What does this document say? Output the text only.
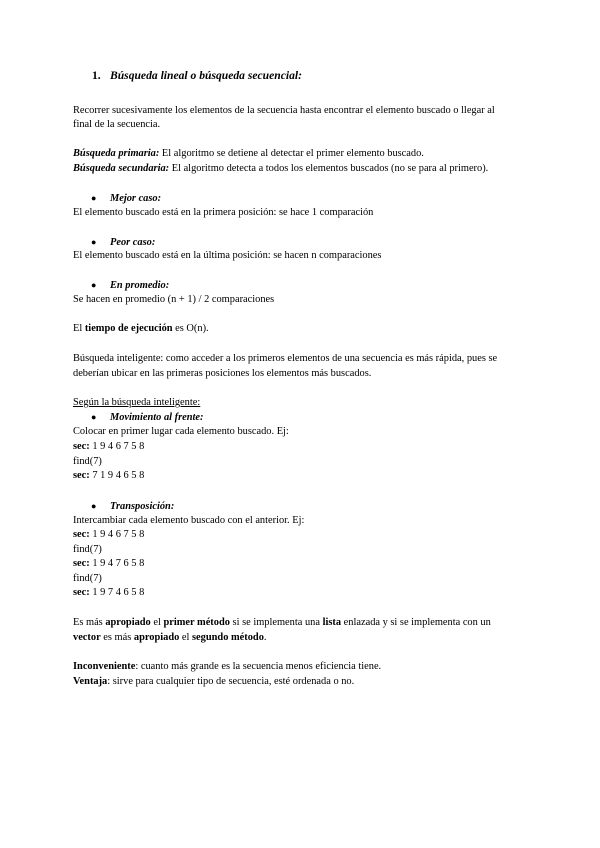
1. Búsqueda lineal o búsqueda secuencial:
Recorrer sucesivamente los elementos de la secuencia hasta encontrar el elemento buscado o llegar al
final de la secuencia.
Búsqueda primaria: El algoritmo se detiene al detectar el primer elemento buscado.
Búsqueda secundaria: El algoritmo detecta a todos los elementos buscados (no se para al primero).
● Mejor caso:
El elemento buscado está en la primera posición: se hace 1 comparación
● Peor caso:
El elemento buscado está en la última posición: se hacen n comparaciones
● En promedio:
Se hacen en promedio (n + 1) / 2 comparaciones
El tiempo de ejecución es O(n).
Búsqueda inteligente: como acceder a los primeros elementos de una secuencia es más rápida, pues se
deberían ubicar en las primeras posiciones los elementos más buscados.
Según la búsqueda inteligente:
● Movimiento al frente:
Colocar en primer lugar cada elemento buscado. Ej:
sec: 1 9 4 6 7 5 8
find(7)
sec: 7 1 9 4 6 5 8
● Transposición:
Intercambiar cada elemento buscado con el anterior. Ej:
sec: 1 9 4 6 7 5 8
find(7)
sec: 1 9 4 7 6 5 8
find(7)
sec: 1 9 7 4 6 5 8
Es más apropiado el primer método si se implementa una lista enlazada y si se implementa con un
vector es más apropiado el segundo método.
Inconveniente: cuanto más grande es la secuencia menos eficiencia tiene.
Ventaja: sirve para cualquier tipo de secuencia, esté ordenada o no.
